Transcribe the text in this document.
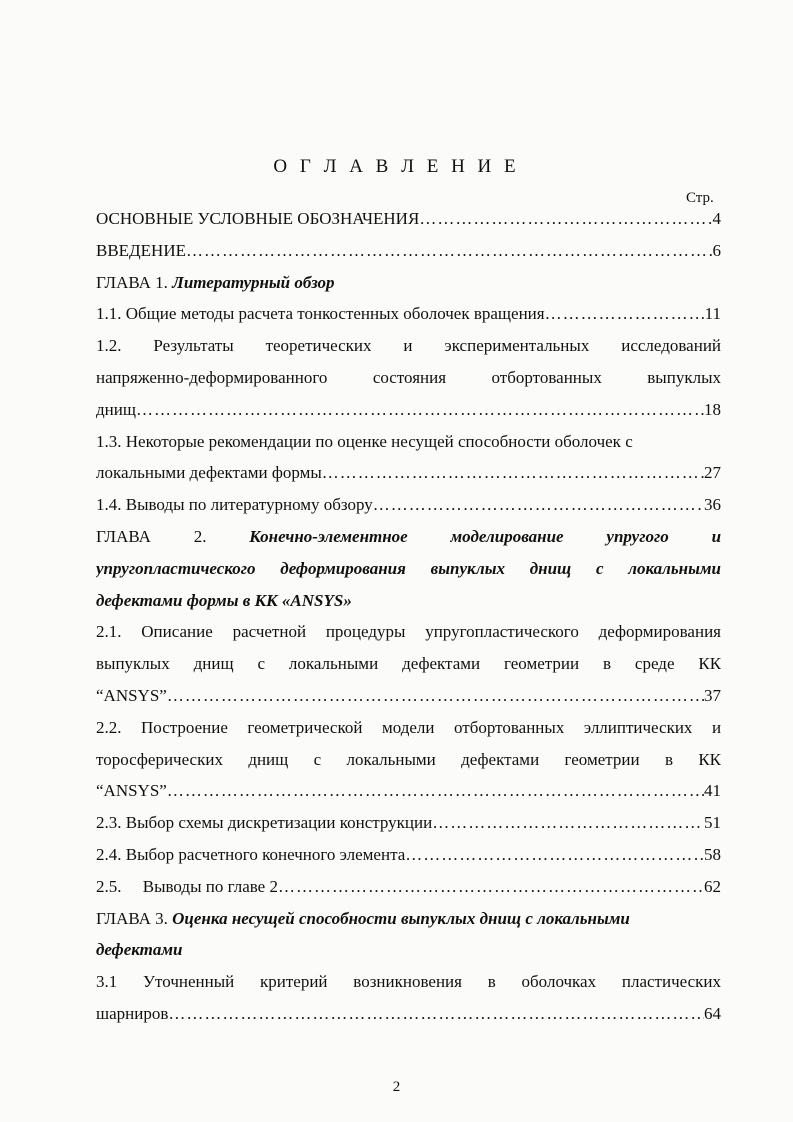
О Г Л А В Л Е Н И Е
Стр.
ОСНОВНЫЕ УСЛОВНЫЕ ОБОЗНАЧЕНИЯ …………………………………………………………………………………………………………………………………………………………	4
ВВЕДЕНИЕ …………………………………………………………………………………………………………………………………………………………	6
ГЛАВА 1. Литературный обзор
1.1. Общие методы расчета тонкостенных оболочек вращения …………………………………………………………………………………………………………………………………………………………	11
1.2. Результаты теоретических и экспериментальных исследований
напряженно-деформированного	состояния	отбортованных	выпуклых
днищ …………………………………………………………………………………………………………………………………………………………	18
1.3. Некоторые рекомендации по оценке несущей способности оболочек с
локальными дефектами формы …………………………………………………………………………………………………………………………………………………………	27
1.4. Выводы по литературному обзору …………………………………………………………………………………………………………………………………………………………	36
ГЛАВА	2.	Конечно-элементное	моделирование	упругого	и
упругопластического деформирования выпуклых днищ с локальными
дефектами формы в КК «ANSYS»
2.1. Описание расчетной процедуры упругопластического деформирования
выпуклых днищ с локальными дефектами геометрии в среде КК
“ANSYS” …………………………………………………………………………………………………………………………………………………………	37
2.2. Построение геометрической модели отбортованных эллиптических и
торосферических днищ с локальными дефектами геометрии в КК
“ANSYS” …………………………………………………………………………………………………………………………………………………………	41
2.3. Выбор схемы дискретизации конструкции …………………………………………………………………………………………………………………………………………………………	51
2.4. Выбор расчетного конечного элемента …………………………………………………………………………………………………………………………………………………………	58
2.5.     Выводы по главе 2 …………………………………………………………………………………………………………………………………………………………	62
ГЛАВА 3. Оценка несущей способности выпуклых днищ с локальными
дефектами
3.1 Уточненный критерий возникновения в оболочках пластических
шарниров …………………………………………………………………………………………………………………………………………………………	64
2
